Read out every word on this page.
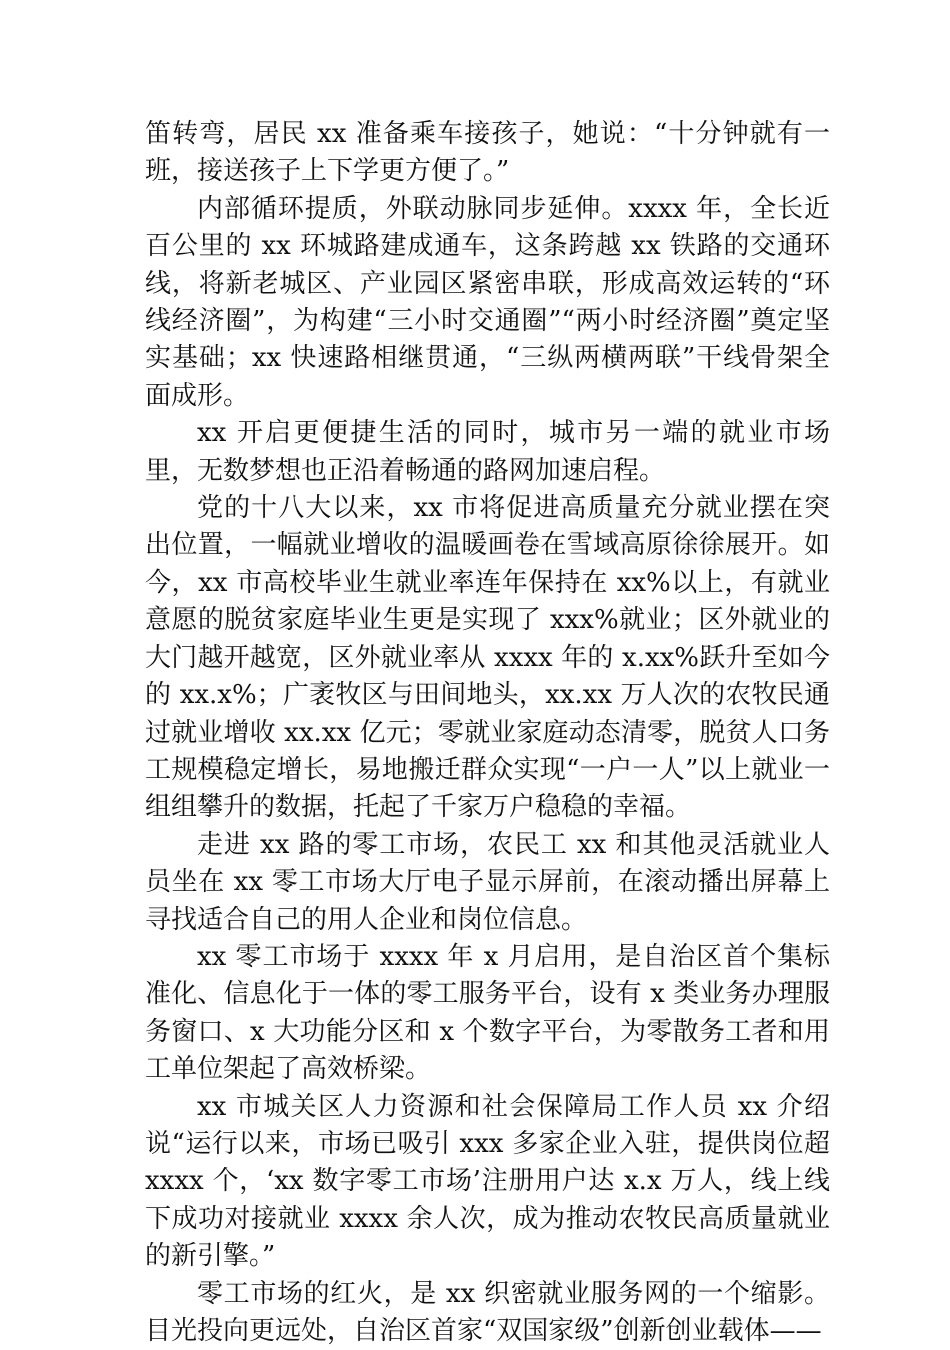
笛转弯，居民 xx 准备乘车接孩子，她说：“十分钟就有一班，接送孩子上下学更方便了。”

内部循环提质，外联动脉同步延伸。xxxx 年，全长近百公里的 xx 环城路建成通车，这条跨越 xx 铁路的交通环线，将新老城区、产业园区紧密串联，形成高效运转的“环线经济圈”，为构建“三小时交通圈”“两小时经济圈”奠定坚实基础；xx 快速路相继贯通，“三纵两横两联”干线骨架全面成形。

xx 开启更便捷生活的同时，城市另一端的就业市场里，无数梦想也正沿着畅通的路网加速启程。

党的十八大以来，xx 市将促进高质量充分就业摆在突出位置，一幅就业增收的温暖画卷在雪域高原徐徐展开。如今，xx 市高校毕业生就业率连年保持在 xx%以上，有就业意愿的脱贫家庭毕业生更是实现了 xxx%就业；区外就业的大门越开越宽，区外就业率从 xxxx 年的 x.xx%跃升至如今的 xx.x%；广袤牧区与田间地头，xx.xx 万人次的农牧民通过就业增收 xx.xx 亿元；零就业家庭动态清零，脱贫人口务工规模稳定增长，易地搬迁群众实现“一户一人”以上就业一组组攀升的数据，托起了千家万户稳稳的幸福。

走进 xx 路的零工市场，农民工 xx 和其他灵活就业人员坐在 xx 零工市场大厅电子显示屏前，在滚动播出屏幕上寻找适合自己的用人企业和岗位信息。

xx 零工市场于 xxxx 年 x 月启用，是自治区首个集标准化、信息化于一体的零工服务平台，设有 x 类业务办理服务窗口、x 大功能分区和 x 个数字平台，为零散务工者和用工单位架起了高效桥梁。

xx 市城关区人力资源和社会保障局工作人员 xx 介绍说“运行以来，市场已吸引 xxx 多家企业入驻，提供岗位超 xxxx 个，‘xx 数字零工市场’注册用户达 x.x 万人，线上线下成功对接就业 xxxx 余人次，成为推动农牧民高质量就业的新引擎。”

零工市场的红火，是 xx 织密就业服务网的一个缩影。目光投向更远处，自治区首家“双国家级”创新创业载体——
